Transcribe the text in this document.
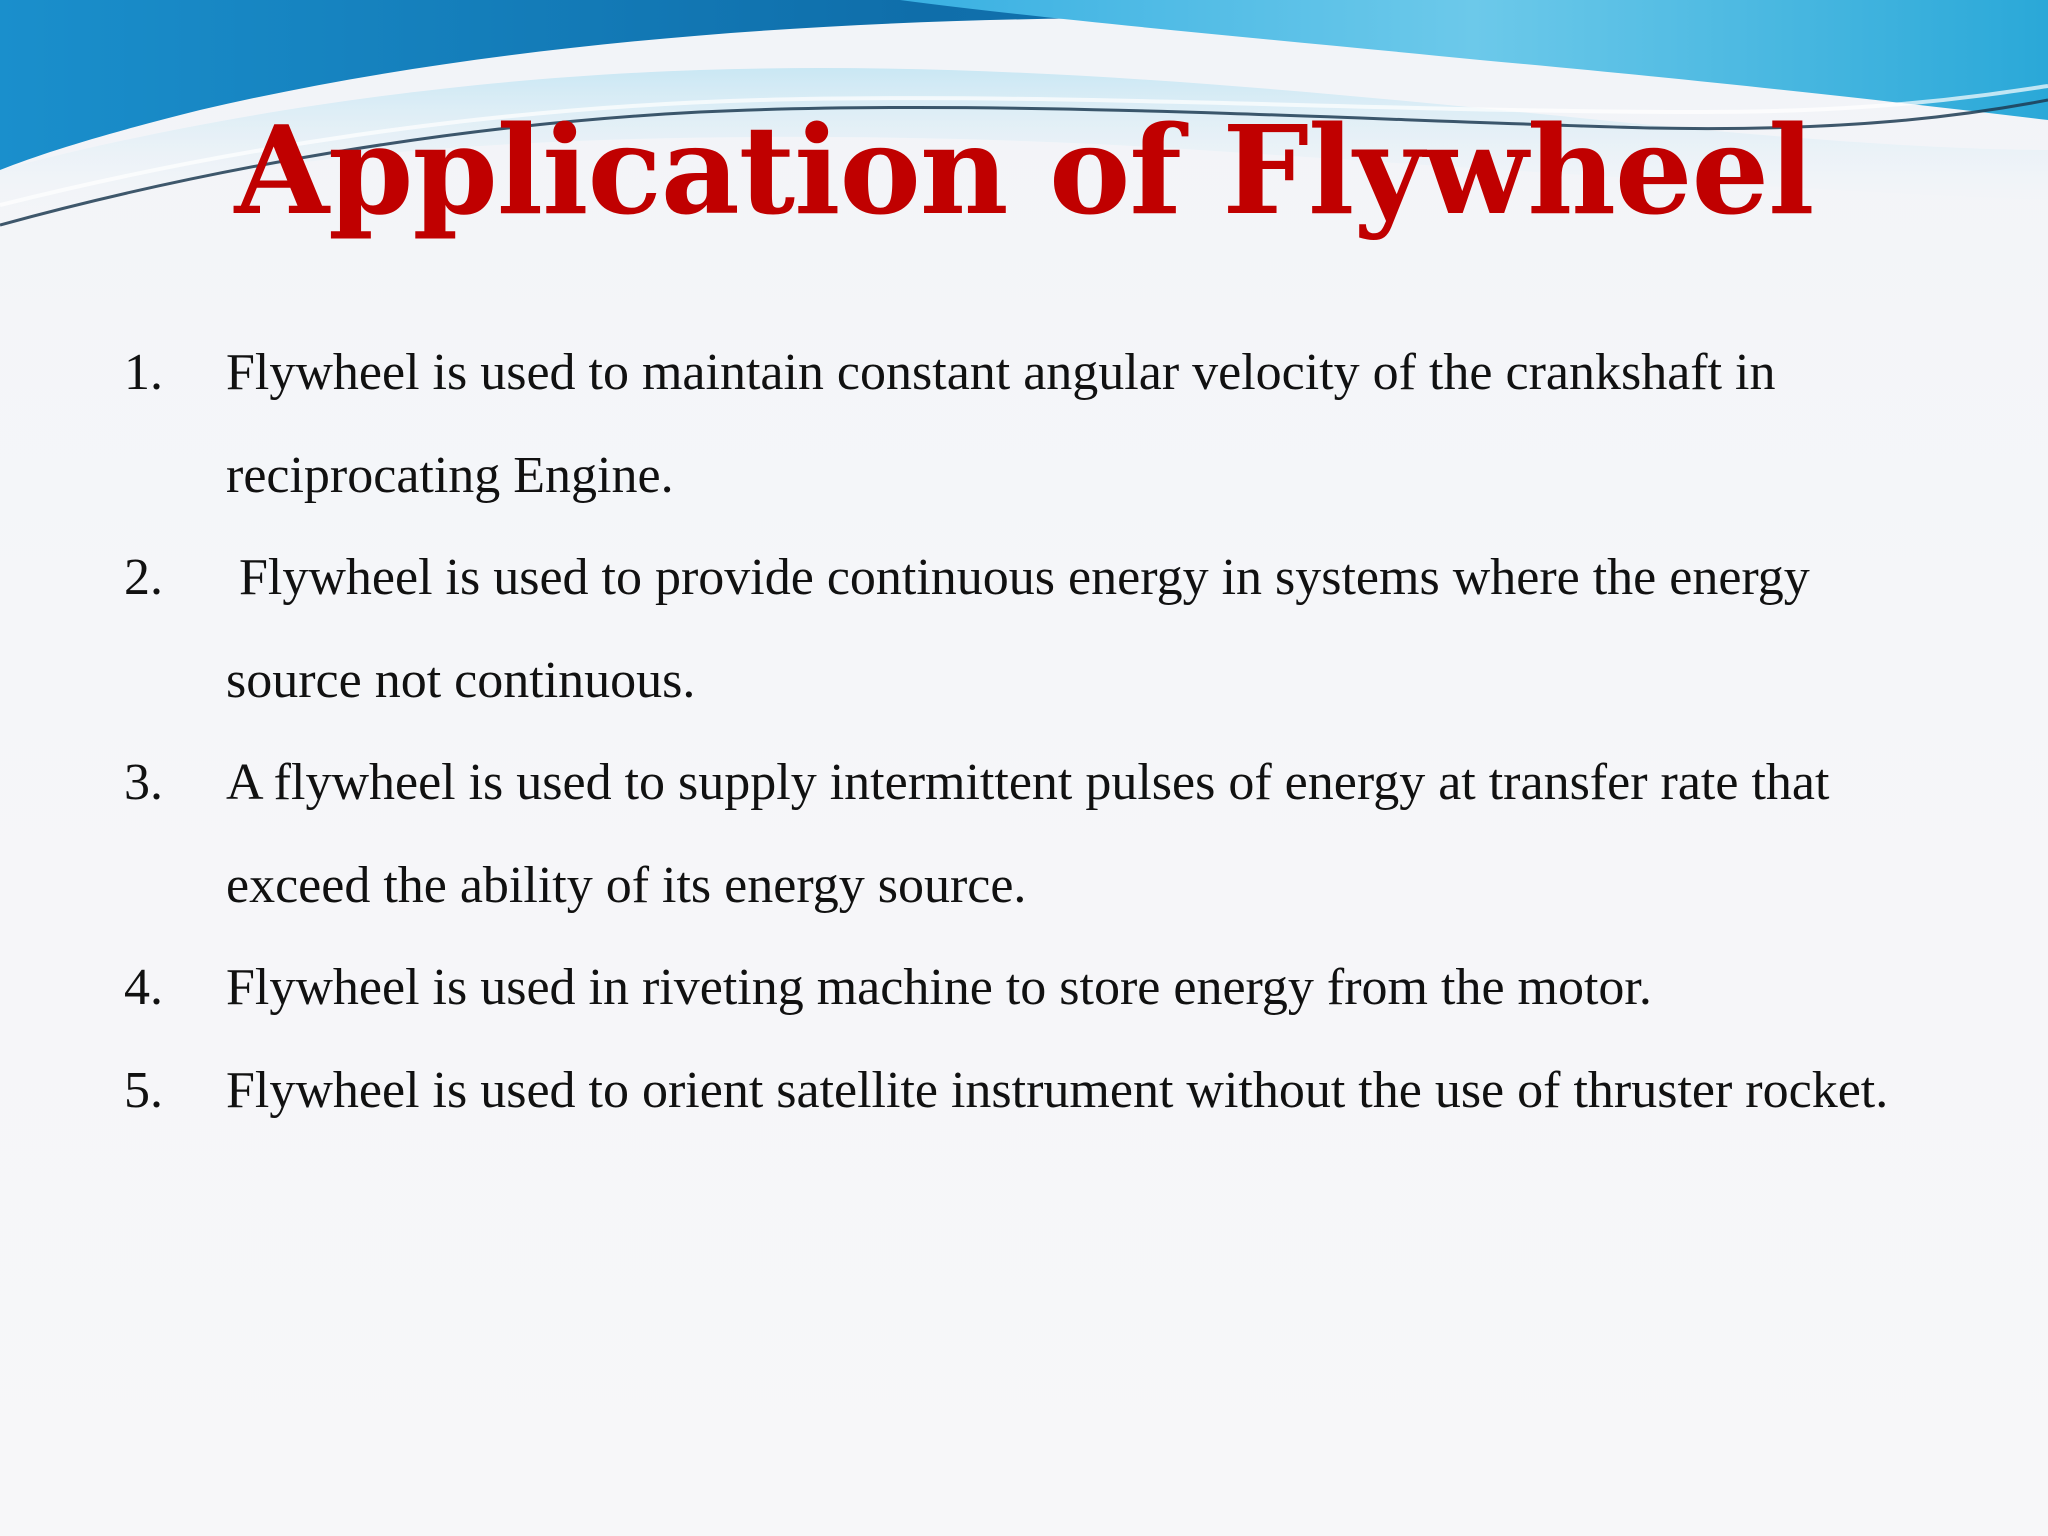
Application of Flywheel
1. Flywheel is used to maintain constant angular velocity of the crankshaft in reciprocating Engine.
2. Flywheel is used to provide continuous energy in systems where the energy source not continuous.
3. A flywheel is used to supply intermittent pulses of energy at transfer rate that exceed the ability of its energy source.
4. Flywheel is used in riveting machine to store energy from the motor.
5. Flywheel is used to orient satellite instrument without the use of thruster rocket.
